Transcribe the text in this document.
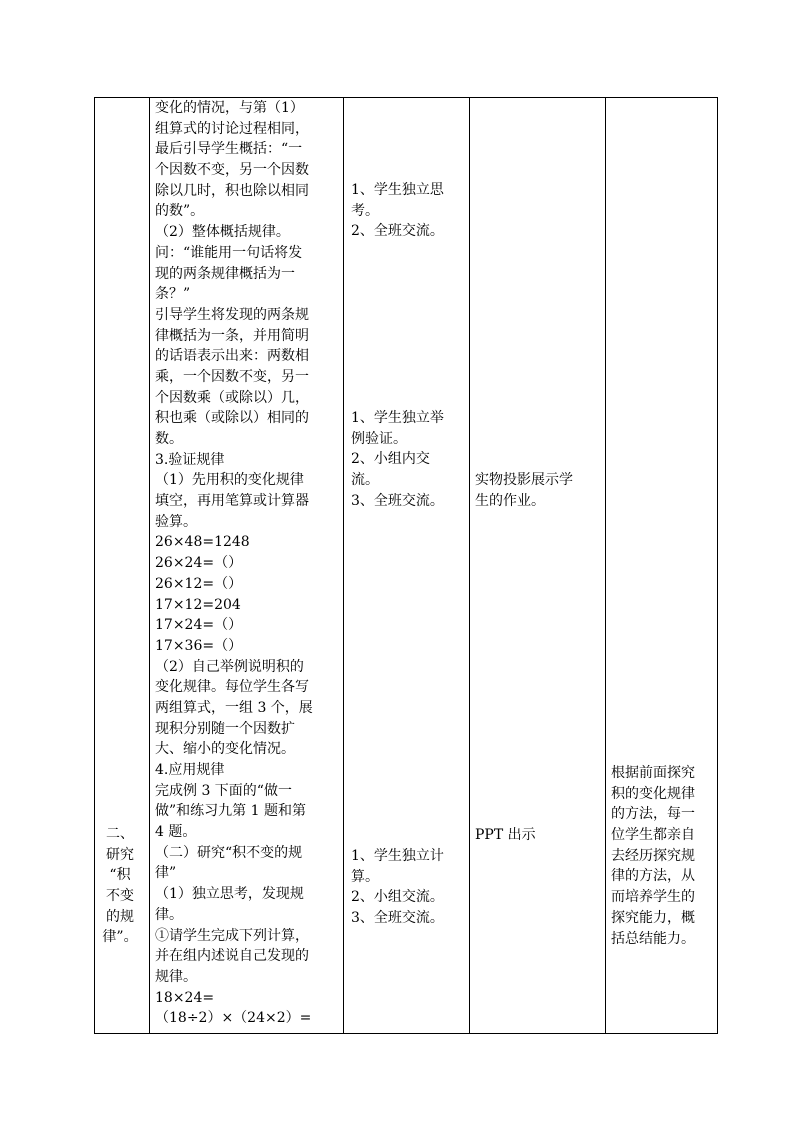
二、
研究
“积
不变
的规
律”。
变化的情况，与第（1）
组算式的讨论过程相同，
最后引导学生概括：“一
个因数不变，另一个因数
除以几时，积也除以相同
的数”。
（2）整体概括规律。
问：“谁能用一句话将发
现的两条规律概括为一
条？”
引导学生将发现的两条规
律概括为一条，并用简明
的话语表示出来：两数相
乘，一个因数不变，另一
个因数乘（或除以）几，
积也乘（或除以）相同的
数。
3.验证规律
（1）先用积的变化规律
填空，再用笔算或计算器
验算。
26×48=1248
26×24=（）
26×12=（）
17×12=204
17×24=（）
17×36=（）
（2）自己举例说明积的
变化规律。每位学生各写
两组算式，一组 3 个，展
现积分别随一个因数扩
大、缩小的变化情况。
4.应用规律
完成例 3 下面的“做一
做”和练习九第 1 题和第
4 题。
（二）研究“积不变的规
律”
（1）独立思考，发现规
律。
①请学生完成下列计算，
并在组内述说自己发现的
规律。
18×24=
（18÷2）×（24×2）=
1、学生独立思
考。
2、全班交流。
1、学生独立举
例验证。
2、小组内交
流。
3、全班交流。
1、学生独立计
算。
2、小组交流。
3、全班交流。
实物投影展示学
生的作业。
PPT 出示
根据前面探究
积的变化规律
的方法，每一
位学生都亲自
去经历探究规
律的方法，从
而培养学生的
探究能力，概
括总结能力。
